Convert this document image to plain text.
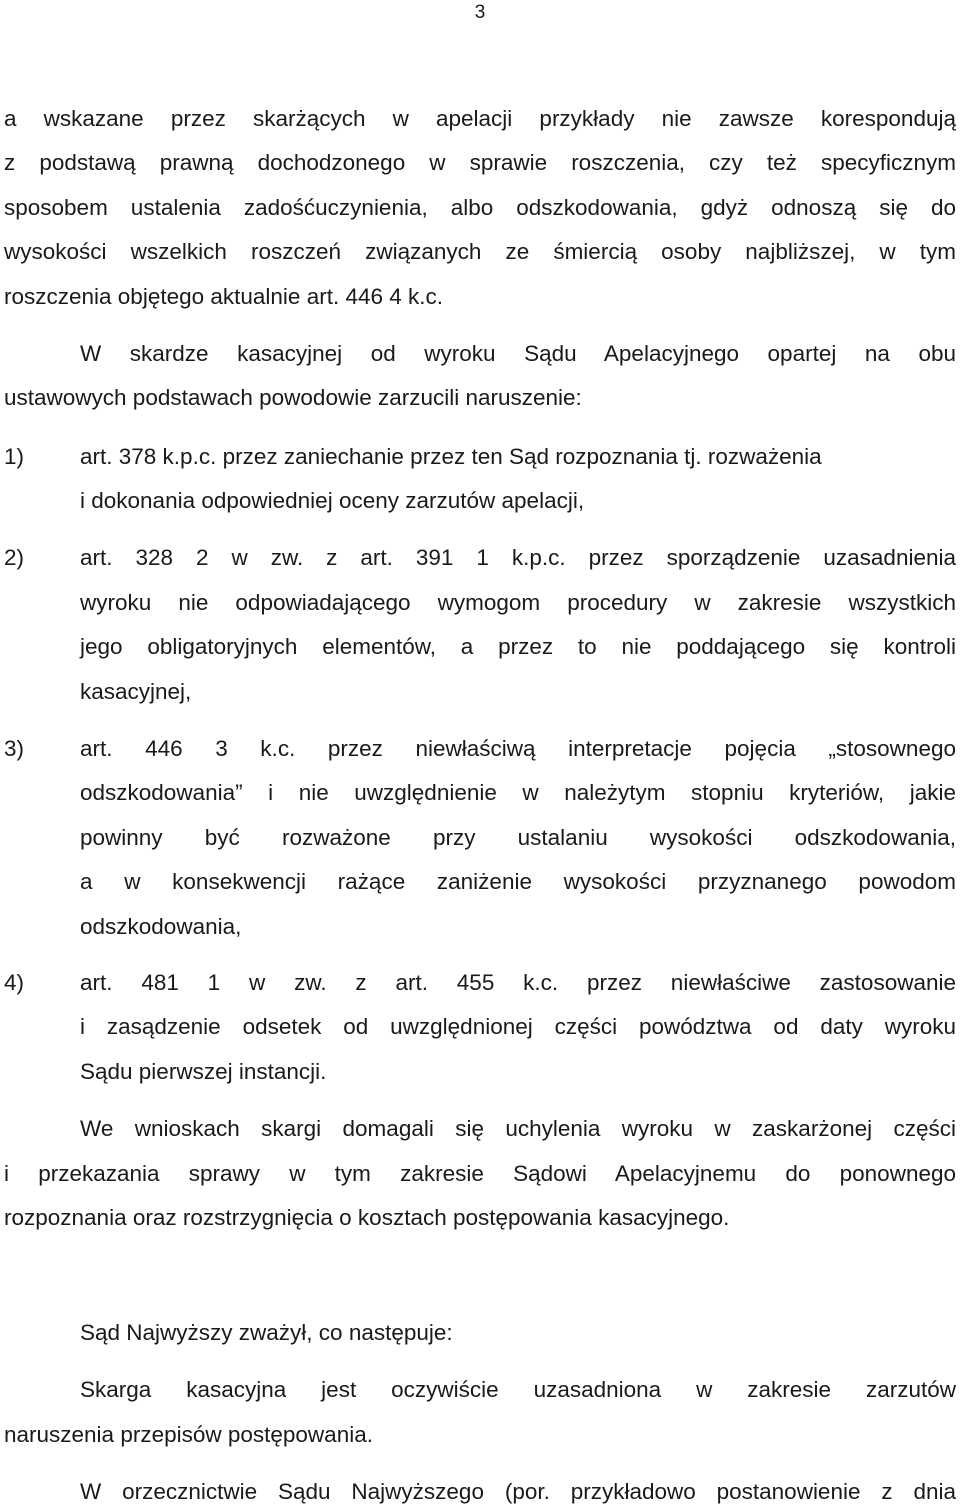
3
a wskazane przez skarżących w apelacji przykłady nie zawsze korespondują
z podstawą prawną dochodzonego w sprawie roszczenia, czy też specyficznym
sposobem ustalenia zadośćuczynienia, albo odszkodowania, gdyż odnoszą się do
wysokości wszelkich roszczeń związanych ze śmiercią osoby najbliższej, w tym
roszczenia objętego aktualnie art. 446 4 k.c.
W skardze kasacyjnej od wyroku Sądu Apelacyjnego opartej na obu
ustawowych podstawach powodowie zarzucili naruszenie:
1) art. 378 k.p.c. przez zaniechanie przez ten Sąd rozpoznania tj. rozważenia
i dokonania odpowiedniej oceny zarzutów apelacji,
2) art. 328 2 w zw. z art. 391 1 k.p.c. przez sporządzenie uzasadnienia
wyroku nie odpowiadającego wymogom procedury w zakresie wszystkich
jego obligatoryjnych elementów, a przez to nie poddającego się kontroli
kasacyjnej,
3) art. 446 3 k.c. przez niewłaściwą interpretacje pojęcia „stosownego
odszkodowania” i nie uwzględnienie w należytym stopniu kryteriów, jakie
powinny być rozważone przy ustalaniu wysokości odszkodowania,
a w konsekwencji rażące zaniżenie wysokości przyznanego powodom
odszkodowania,
4) art. 481 1 w zw. z art. 455 k.c. przez niewłaściwe zastosowanie
i zasądzenie odsetek od uwzględnionej części powództwa od daty wyroku
Sądu pierwszej instancji.
We wnioskach skargi domagali się uchylenia wyroku w zaskarżonej części
i przekazania sprawy w tym zakresie Sądowi Apelacyjnemu do ponownego
rozpoznania oraz rozstrzygnięcia o kosztach postępowania kasacyjnego.
Sąd Najwyższy zważył, co następuje:
Skarga kasacyjna jest oczywiście uzasadniona w zakresie zarzutów
naruszenia przepisów postępowania.
W orzecznictwie Sądu Najwyższego (por. przykładowo postanowienie z dnia
